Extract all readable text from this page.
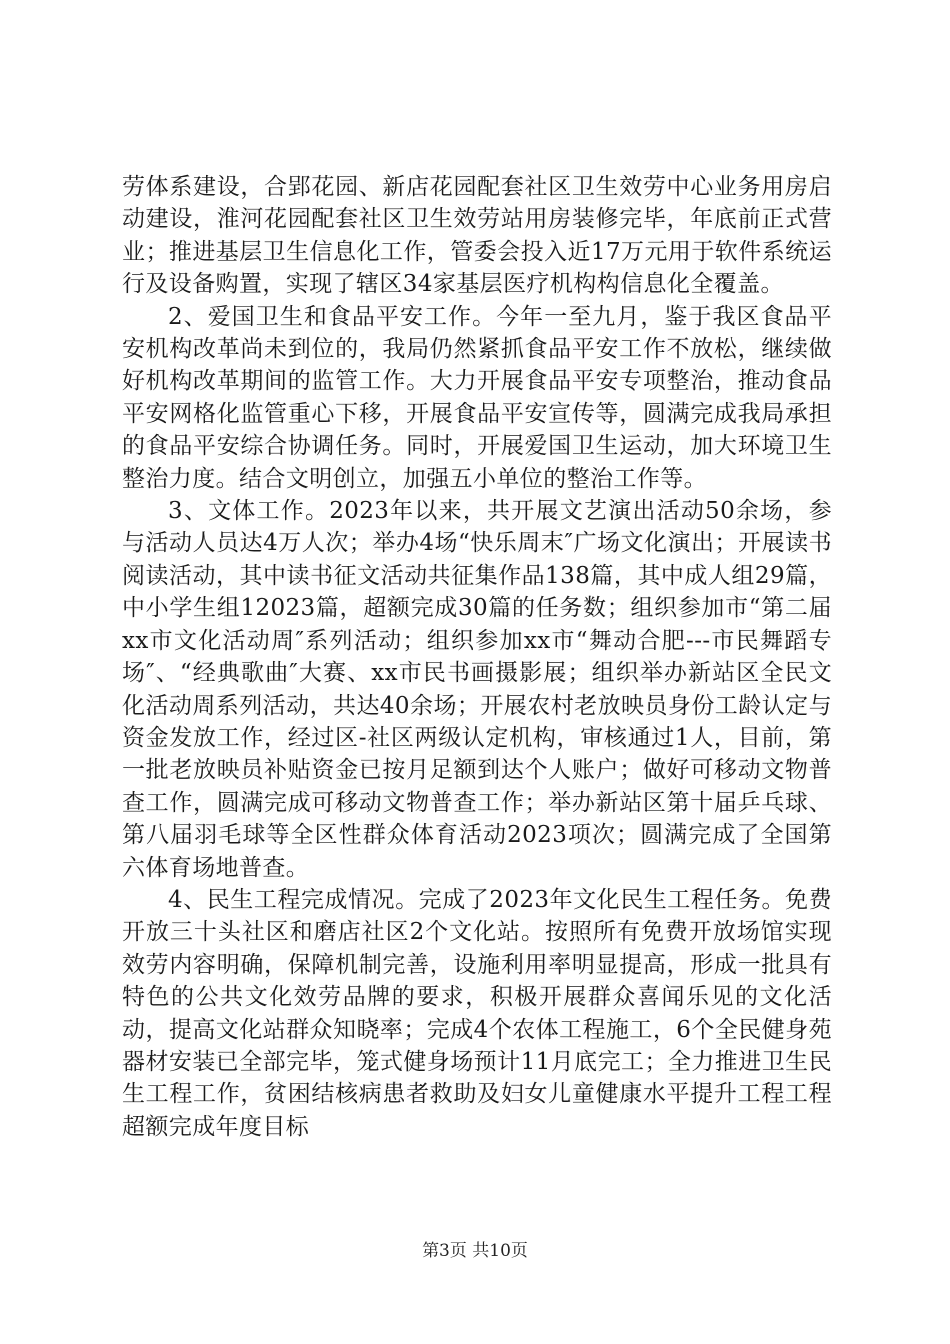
劳体系建设，合郢花园、新店花园配套社区卫生效劳中心业务用房启动建设，淮河花园配套社区卫生效劳站用房装修完毕，年底前正式营业；推进基层卫生信息化工作，管委会投入近17万元用于软件系统运行及设备购置，实现了辖区34家基层医疗机构构信息化全覆盖。

2、爱国卫生和食品平安工作。今年一至九月，鉴于我区食品平安机构改革尚未到位的，我局仍然紧抓食品平安工作不放松，继续做好机构改革期间的监管工作。大力开展食品平安专项整治，推动食品平安网格化监管重心下移，开展食品平安宣传等，圆满完成我局承担的食品平安综合协调任务。同时，开展爱国卫生运动，加大环境卫生整治力度。结合文明创立，加强五小单位的整治工作等。

3、文体工作。2023年以来，共开展文艺演出活动50余场，参与活动人员达4万人次；举办4场“快乐周末″广场文化演出；开展读书阅读活动，其中读书征文活动共征集作品138篇，其中成人组29篇，中小学生组12023篇，超额完成30篇的任务数；组织参加市“第二届xx市文化活动周″系列活动；组织参加xx市“舞动合肥---市民舞蹈专场″、“经典歌曲″大赛、xx市民书画摄影展；组织举办新站区全民文化活动周系列活动，共达40余场；开展农村老放映员身份工龄认定与资金发放工作，经过区-社区两级认定机构，审核通过1人，目前，第一批老放映员补贴资金已按月足额到达个人账户；做好可移动文物普查工作，圆满完成可移动文物普查工作；举办新站区第十届乒乓球、第八届羽毛球等全区性群众体育活动2023项次；圆满完成了全国第六体育场地普查。

4、民生工程完成情况。完成了2023年文化民生工程任务。免费开放三十头社区和磨店社区2个文化站。按照所有免费开放场馆实现效劳内容明确，保障机制完善，设施利用率明显提高，形成一批具有特色的公共文化效劳品牌的要求，积极开展群众喜闻乐见的文化活动，提高文化站群众知晓率；完成4个农体工程施工，6个全民健身苑器材安装已全部完毕，笼式健身场预计11月底完工；全力推进卫生民生工程工作，贫困结核病患者救助及妇女儿童健康水平提升工程工程超额完成年度目标

第3页 共10页
